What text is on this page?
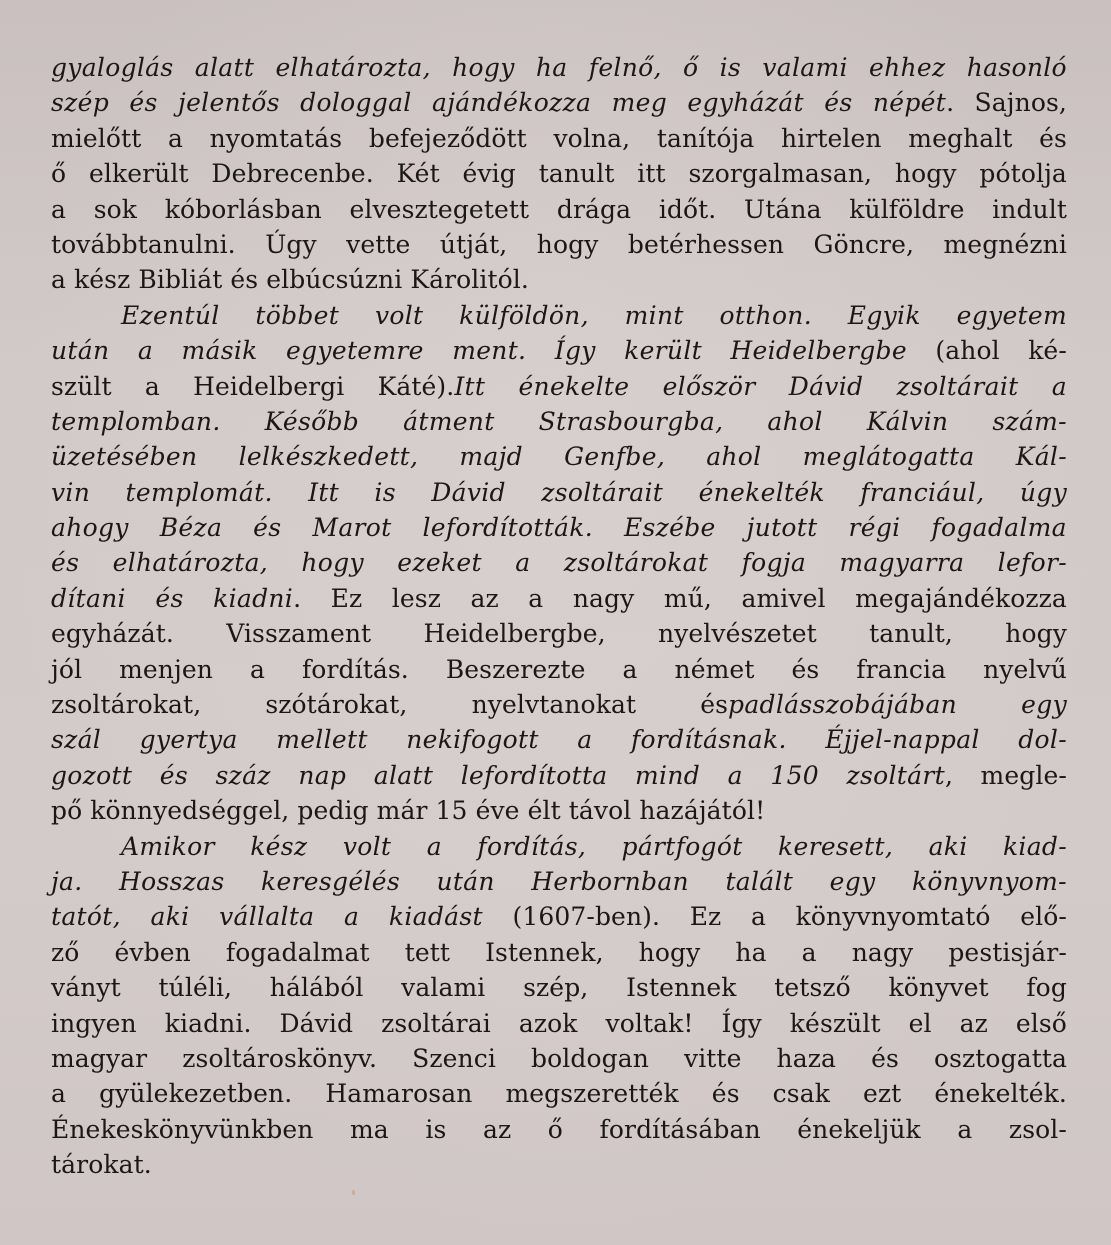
gyaloglás alatt elhatározta, hogy ha felnő, ő is valami ehhez hasonló
szép és jelentős dologgal ajándékozza meg egyházát és népét. Sajnos,
mielőtt a nyomtatás befejeződött volna, tanítója hirtelen meghalt és
ő elkerült Debrecenbe. Két évig tanult itt szorgalmasan, hogy pótolja
a sok kóborlásban elvesztegetett drága időt. Utána külföldre indult
továbbtanulni. Úgy vette útját, hogy betérhessen Göncre, megnézni
a kész Bibliát és elbúcsúzni Károlitól.
Ezentúl többet volt külföldön, mint otthon. Egyik egyetem
után a másik egyetemre ment. Így került Heidelbergbe (ahol ké-
szült a Heidelbergi Káté).Itt énekelte először Dávid zsoltárait a
templomban. Később átment Strasbourgba, ahol Kálvin szám-
üzetésében lelkészkedett, majd Genfbe, ahol meglátogatta Kál-
vin templomát. Itt is Dávid zsoltárait énekelték franciául, úgy
ahogy Béza és Marot lefordították. Eszébe jutott régi fogadalma
és elhatározta, hogy ezeket a zsoltárokat fogja magyarra lefor-
dítani és kiadni. Ez lesz az a nagy mű, amivel megajándékozza
egyházát. Visszament Heidelbergbe, nyelvészetet tanult, hogy
jól menjen a fordítás. Beszerezte a német és francia nyelvű
zsoltárokat,	szótárokat,	nyelvtanokat	éspadlásszobájában	egy
szál gyertya mellett nekifogott a fordításnak. Éjjel-nappal dol-
gozott és száz nap alatt lefordította mind a 150 zsoltárt, megle-
pő könnyedséggel, pedig már 15 éve élt távol hazájától!
Amikor kész volt a fordítás, pártfogót keresett, aki kiad-
ja. Hosszas keresgélés után Herbornban talált egy könyvnyom-
tatót, aki vállalta a kiadást (1607-ben). Ez a könyvnyomtató elő-
ző évben fogadalmat tett Istennek, hogy ha a nagy pestisjár-
ványt túléli, hálából valami szép, Istennek tetsző könyvet fog
ingyen kiadni. Dávid zsoltárai azok voltak! Így készült el az első
magyar zsoltároskönyv. Szenci boldogan vitte haza és osztogatta
a gyülekezetben. Hamarosan megszerették és csak ezt énekelték.
Énekeskönyvünkben ma is az ő fordításában énekeljük a zsol-
tárokat.
